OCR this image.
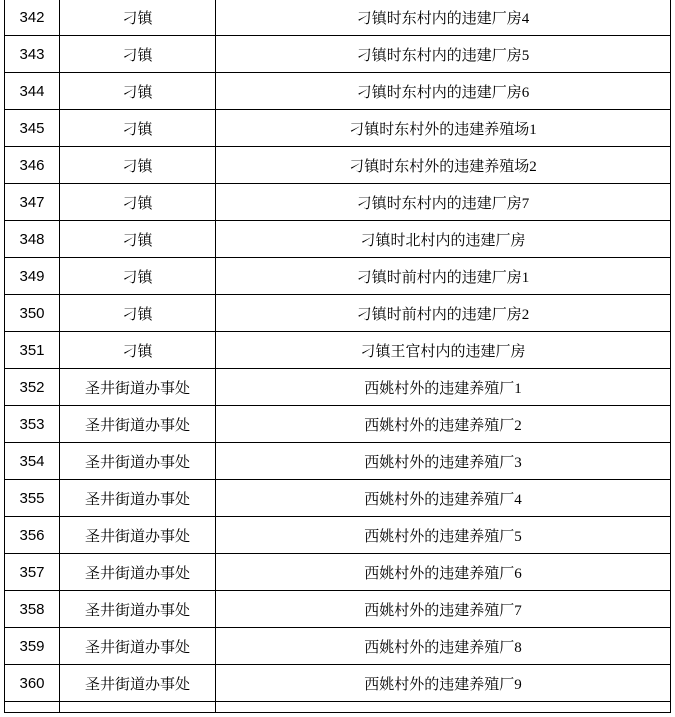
342	刁镇	刁镇时东村内的违建厂房4
343	刁镇	刁镇时东村内的违建厂房5
344	刁镇	刁镇时东村内的违建厂房6
345	刁镇	刁镇时东村外的违建养殖场1
346	刁镇	刁镇时东村外的违建养殖场2
347	刁镇	刁镇时东村内的违建厂房7
348	刁镇	刁镇时北村内的违建厂房
349	刁镇	刁镇时前村内的违建厂房1
350	刁镇	刁镇时前村内的违建厂房2
351	刁镇	刁镇王官村内的违建厂房
352	圣井街道办事处	西姚村外的违建养殖厂1
353	圣井街道办事处	西姚村外的违建养殖厂2
354	圣井街道办事处	西姚村外的违建养殖厂3
355	圣井街道办事处	西姚村外的违建养殖厂4
356	圣井街道办事处	西姚村外的违建养殖厂5
357	圣井街道办事处	西姚村外的违建养殖厂6
358	圣井街道办事处	西姚村外的违建养殖厂7
359	圣井街道办事处	西姚村外的违建养殖厂8
360	圣井街道办事处	西姚村外的违建养殖厂9
